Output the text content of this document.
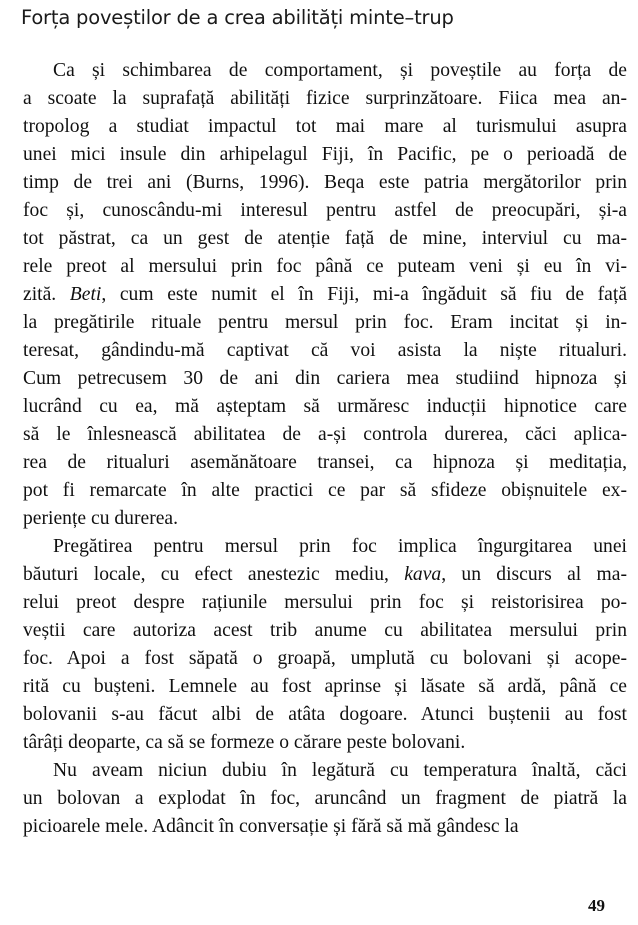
Forța poveștilor de a crea abilități minte–trup
Ca și schimbarea de comportament, și poveștile au forța de
a scoate la suprafață abilități fizice surprinzătoare. Fiica mea an-
tropolog a studiat impactul tot mai mare al turismului asupra
unei mici insule din arhipelagul Fiji, în Pacific, pe o perioadă de
timp de trei ani (Burns, 1996). Beqa este patria mergătorilor prin
foc și, cunoscându-mi interesul pentru astfel de preocupări, și-a
tot păstrat, ca un gest de atenție față de mine, interviul cu ma-
rele preot al mersului prin foc până ce puteam veni și eu în vi-
zită. Beti, cum este numit el în Fiji, mi-a îngăduit să fiu de față
la pregătirile rituale pentru mersul prin foc. Eram incitat și in-
teresat, gândindu-mă captivat că voi asista la niște ritualuri.
Cum petrecusem 30 de ani din cariera mea studiind hipnoza și
lucrând cu ea, mă așteptam să urmăresc inducții hipnotice care
să le înlesnească abilitatea de a-și controla durerea, căci aplica-
rea de ritualuri asemănătoare transei, ca hipnoza și meditația,
pot fi remarcate în alte practici ce par să sfideze obișnuitele ex-
periențe cu durerea.
Pregătirea pentru mersul prin foc implica îngurgitarea unei
băuturi locale, cu efect anestezic mediu, kava, un discurs al ma-
relui preot despre rațiunile mersului prin foc și reistorisirea po-
veștii care autoriza acest trib anume cu abilitatea mersului prin
foc. Apoi a fost săpată o groapă, umplută cu bolovani și acope-
rită cu bușteni. Lemnele au fost aprinse și lăsate să ardă, până ce
bolovanii s-au făcut albi de atâta dogoare. Atunci buștenii au fost
târâți deoparte, ca să se formeze o cărare peste bolovani.
Nu aveam niciun dubiu în legătură cu temperatura înaltă, căci
un bolovan a explodat în foc, aruncând un fragment de piatră la
picioarele mele. Adâncit în conversație și fără să mă gândesc la
49
